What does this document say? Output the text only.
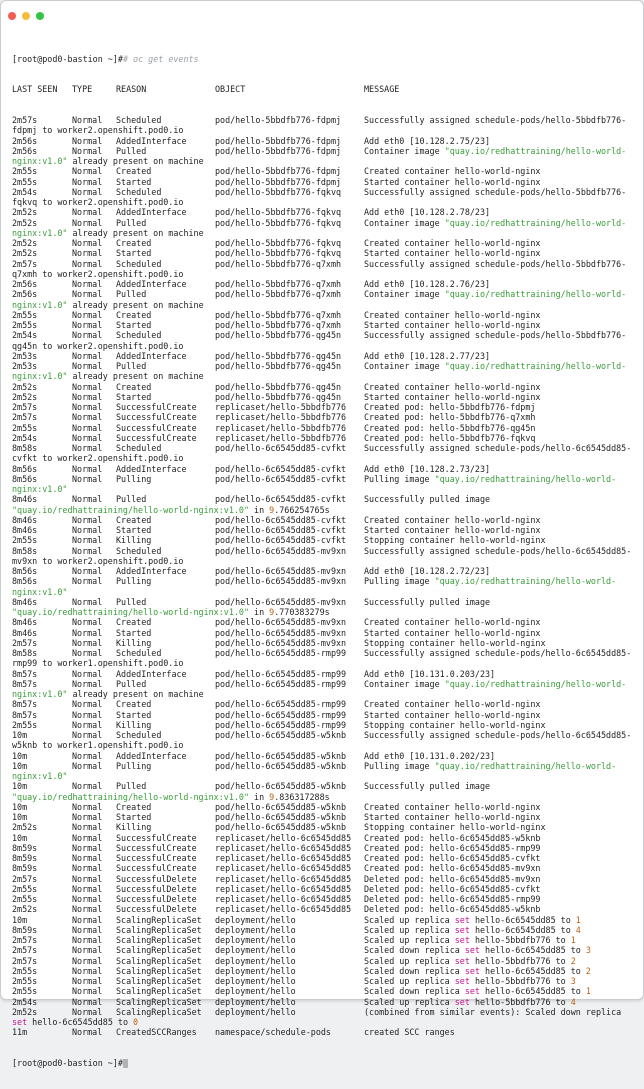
[root@pod0-bastion ~]## oc get events

LAST SEEN TYPE	REASON	OBJECT	MESSAGE

2m57s	Normal Scheduled	pod/hello-5bbdfb776-fdpmj	Successfully assigned schedule-pods/hello-5bbdfb776-
fdpmj to worker2.openshift.pod0.io
2m56s	Normal AddedInterface	pod/hello-5bbdfb776-fdpmj	Add eth0 [10.128.2.75/23]
2m56s	Normal Pulled	pod/hello-5bbdfb776-fdpmj	Container image "quay.io/redhattraining/hello-world-
nginx:v1.0" already present on machine
2m55s	Normal Created	pod/hello-5bbdfb776-fdpmj	Created container hello-world-nginx
2m55s	Normal Started	pod/hello-5bbdfb776-fdpmj	Started container hello-world-nginx
2m54s	Normal Scheduled	pod/hello-5bbdfb776-fqkvq	Successfully assigned schedule-pods/hello-5bbdfb776-
fqkvq to worker2.openshift.pod0.io
2m52s	Normal AddedInterface	pod/hello-5bbdfb776-fqkvq	Add eth0 [10.128.2.78/23]
2m52s	Normal Pulled	pod/hello-5bbdfb776-fqkvq	Container image "quay.io/redhattraining/hello-world-
nginx:v1.0" already present on machine
2m52s	Normal Created	pod/hello-5bbdfb776-fqkvq	Created container hello-world-nginx
2m52s	Normal Started	pod/hello-5bbdfb776-fqkvq	Started container hello-world-nginx
2m57s	Normal Scheduled	pod/hello-5bbdfb776-q7xmh	Successfully assigned schedule-pods/hello-5bbdfb776-
q7xmh to worker2.openshift.pod0.io
2m56s	Normal AddedInterface	pod/hello-5bbdfb776-q7xmh	Add eth0 [10.128.2.76/23]
2m56s	Normal Pulled	pod/hello-5bbdfb776-q7xmh	Container image "quay.io/redhattraining/hello-world-
nginx:v1.0" already present on machine
2m55s	Normal Created	pod/hello-5bbdfb776-q7xmh	Created container hello-world-nginx
2m55s	Normal Started	pod/hello-5bbdfb776-q7xmh	Started container hello-world-nginx
2m54s	Normal Scheduled	pod/hello-5bbdfb776-qg45n	Successfully assigned schedule-pods/hello-5bbdfb776-
qg45n to worker2.openshift.pod0.io
2m53s	Normal AddedInterface	pod/hello-5bbdfb776-qg45n	Add eth0 [10.128.2.77/23]
2m53s	Normal Pulled	pod/hello-5bbdfb776-qg45n	Container image "quay.io/redhattraining/hello-world-
nginx:v1.0" already present on machine
2m52s	Normal Created	pod/hello-5bbdfb776-qg45n	Created container hello-world-nginx
2m52s	Normal Started	pod/hello-5bbdfb776-qg45n	Started container hello-world-nginx
2m57s	Normal SuccessfulCreate replicaset/hello-5bbdfb776 Created pod: hello-5bbdfb776-fdpmj
2m57s	Normal SuccessfulCreate replicaset/hello-5bbdfb776 Created pod: hello-5bbdfb776-q7xmh
2m55s	Normal SuccessfulCreate replicaset/hello-5bbdfb776 Created pod: hello-5bbdfb776-qg45n
2m54s	Normal SuccessfulCreate replicaset/hello-5bbdfb776 Created pod: hello-5bbdfb776-fqkvq
8m58s	Normal Scheduled	pod/hello-6c6545dd85-cvfkt Successfully assigned schedule-pods/hello-6c6545dd85-
cvfkt to worker2.openshift.pod0.io
8m56s	Normal AddedInterface	pod/hello-6c6545dd85-cvfkt Add eth0 [10.128.2.73/23]
8m56s	Normal Pulling	pod/hello-6c6545dd85-cvfkt Pulling image "quay.io/redhattraining/hello-world-
nginx:v1.0"
8m46s	Normal Pulled	pod/hello-6c6545dd85-cvfkt Successfully pulled image
"quay.io/redhattraining/hello-world-nginx:v1.0" in 9.766254765s
8m46s	Normal Created	pod/hello-6c6545dd85-cvfkt Created container hello-world-nginx
8m46s	Normal Started	pod/hello-6c6545dd85-cvfkt Started container hello-world-nginx
2m55s	Normal Killing	pod/hello-6c6545dd85-cvfkt Stopping container hello-world-nginx
8m58s	Normal Scheduled	pod/hello-6c6545dd85-mv9xn Successfully assigned schedule-pods/hello-6c6545dd85-
mv9xn to worker2.openshift.pod0.io
8m56s	Normal AddedInterface	pod/hello-6c6545dd85-mv9xn Add eth0 [10.128.2.72/23]
8m56s	Normal Pulling	pod/hello-6c6545dd85-mv9xn Pulling image "quay.io/redhattraining/hello-world-
nginx:v1.0"
8m46s	Normal Pulled	pod/hello-6c6545dd85-mv9xn Successfully pulled image
"quay.io/redhattraining/hello-world-nginx:v1.0" in 9.770383279s
8m46s	Normal Created	pod/hello-6c6545dd85-mv9xn Created container hello-world-nginx
8m46s	Normal Started	pod/hello-6c6545dd85-mv9xn Started container hello-world-nginx
2m57s	Normal Killing	pod/hello-6c6545dd85-mv9xn Stopping container hello-world-nginx
8m58s	Normal Scheduled	pod/hello-6c6545dd85-rmp99 Successfully assigned schedule-pods/hello-6c6545dd85-
rmp99 to worker1.openshift.pod0.io
8m57s	Normal AddedInterface	pod/hello-6c6545dd85-rmp99 Add eth0 [10.131.0.203/23]
8m57s	Normal Pulled	pod/hello-6c6545dd85-rmp99 Container image "quay.io/redhattraining/hello-world-
nginx:v1.0" already present on machine
8m57s	Normal Created	pod/hello-6c6545dd85-rmp99 Created container hello-world-nginx
8m57s	Normal Started	pod/hello-6c6545dd85-rmp99 Started container hello-world-nginx
2m55s	Normal Killing	pod/hello-6c6545dd85-rmp99 Stopping container hello-world-nginx
10m	Normal Scheduled	pod/hello-6c6545dd85-w5knb Successfully assigned schedule-pods/hello-6c6545dd85-
w5knb to worker1.openshift.pod0.io
10m	Normal AddedInterface	pod/hello-6c6545dd85-w5knb Add eth0 [10.131.0.202/23]
10m	Normal Pulling	pod/hello-6c6545dd85-w5knb Pulling image "quay.io/redhattraining/hello-world-
nginx:v1.0"
10m	Normal Pulled	pod/hello-6c6545dd85-w5knb Successfully pulled image
"quay.io/redhattraining/hello-world-nginx:v1.0" in 9.836317288s
10m	Normal Created	pod/hello-6c6545dd85-w5knb Created container hello-world-nginx
10m	Normal Started	pod/hello-6c6545dd85-w5knb Started container hello-world-nginx
2m52s	Normal Killing	pod/hello-6c6545dd85-w5knb Stopping container hello-world-nginx
10m	Normal SuccessfulCreate replicaset/hello-6c6545dd85 Created pod: hello-6c6545dd85-w5knb
8m59s	Normal SuccessfulCreate replicaset/hello-6c6545dd85 Created pod: hello-6c6545dd85-rmp99
8m59s	Normal SuccessfulCreate replicaset/hello-6c6545dd85 Created pod: hello-6c6545dd85-cvfkt
8m59s	Normal SuccessfulCreate replicaset/hello-6c6545dd85 Created pod: hello-6c6545dd85-mv9xn
2m57s	Normal SuccessfulDelete replicaset/hello-6c6545dd85 Deleted pod: hello-6c6545dd85-mv9xn
2m55s	Normal SuccessfulDelete replicaset/hello-6c6545dd85 Deleted pod: hello-6c6545dd85-cvfkt
2m55s	Normal SuccessfulDelete replicaset/hello-6c6545dd85 Deleted pod: hello-6c6545dd85-rmp99
2m52s	Normal SuccessfulDelete replicaset/hello-6c6545dd85 Deleted pod: hello-6c6545dd85-w5knb
10m	Normal ScalingReplicaSet deployment/hello	Scaled up replica set hello-6c6545dd85 to 1
8m59s	Normal ScalingReplicaSet deployment/hello	Scaled up replica set hello-6c6545dd85 to 4
2m57s	Normal ScalingReplicaSet deployment/hello	Scaled up replica set hello-5bbdfb776 to 1
2m57s	Normal ScalingReplicaSet deployment/hello	Scaled down replica set hello-6c6545dd85 to 3
2m57s	Normal ScalingReplicaSet deployment/hello	Scaled up replica set hello-5bbdfb776 to 2
2m55s	Normal ScalingReplicaSet deployment/hello	Scaled down replica set hello-6c6545dd85 to 2
2m55s	Normal ScalingReplicaSet deployment/hello	Scaled up replica set hello-5bbdfb776 to 3
2m55s	Normal ScalingReplicaSet deployment/hello	Scaled down replica set hello-6c6545dd85 to 1
2m54s	Normal ScalingReplicaSet deployment/hello	Scaled up replica set hello-5bbdfb776 to 4
2m52s	Normal ScalingReplicaSet deployment/hello	(combined from similar events): Scaled down replica
set hello-6c6545dd85 to 0
11m	Normal CreatedSCCRanges namespace/schedule-pods	created SCC ranges

[root@pod0-bastion ~]#
